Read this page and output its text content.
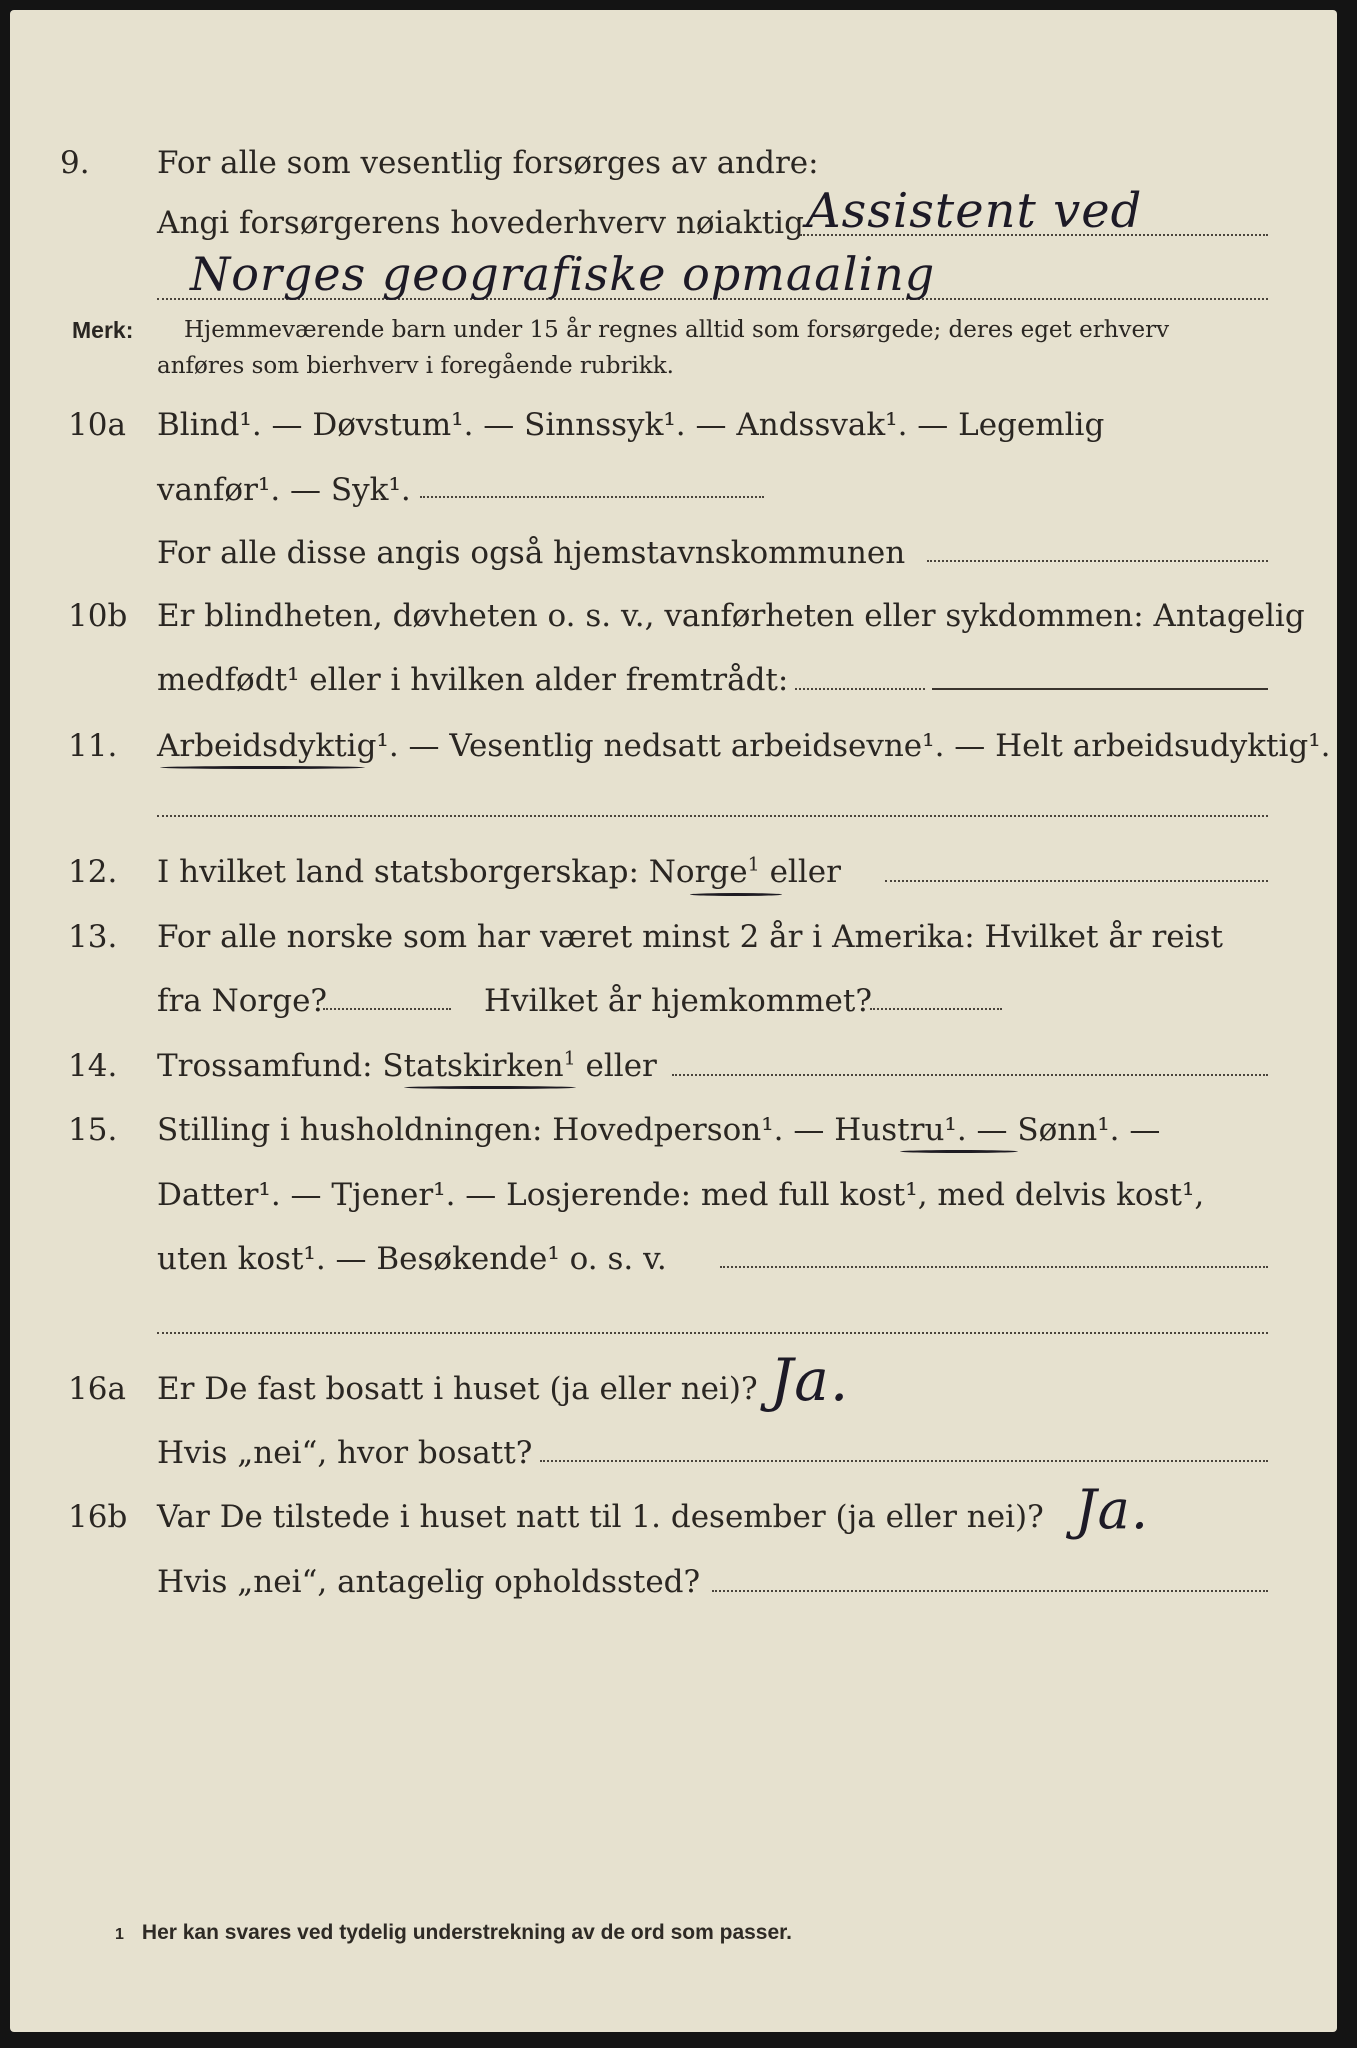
9. For alle som vesentlig forsørges av andre:
Angi forsørgerens hovederhverv nøiaktig Assistent ved
Norges geografiske opmaaling
Merk: Hjemmeværende barn under 15 år regnes alltid som forsørgede; deres eget erhverv
anføres som bierhverv i foregående rubrikk.
10a Blind¹. — Døvstum¹. — Sinnssyk¹. — Andssvak¹. — Legemlig
vanfør¹. — Syk¹.
For alle disse angis også hjemstavnskommunen
10b Er blindheten, døvheten o. s. v., vanførheten eller sykdommen: Antagelig
medfødt¹ eller i hvilken alder fremtrådt:
11. Arbeidsdyktig¹. — Vesentlig nedsatt arbeidsevne¹. — Helt arbeidsudyktig¹.
12. I hvilket land statsborgerskap: Norge$^1$ eller
13. For alle norske som har været minst 2 år i Amerika: Hvilket år reist
fra Norge?	Hvilket år hjemkommet?
14. Trossamfund: Statskirken$^1$ eller
15. Stilling i husholdningen: Hovedperson¹. — Hustru¹. — Sønn¹. —
Datter¹. — Tjener¹. — Losjerende: med full kost¹, med delvis kost¹,
uten kost¹. — Besøkende¹ o. s. v.
16a Er De fast bosatt i huset (ja eller nei)? Ja.
Hvis „nei“, hvor bosatt?
16b Var De tilstede i huset natt til 1. desember (ja eller nei)? Ja.
Hvis „nei“, antagelig opholdssted?
1 Her kan svares ved tydelig understrekning av de ord som passer.
